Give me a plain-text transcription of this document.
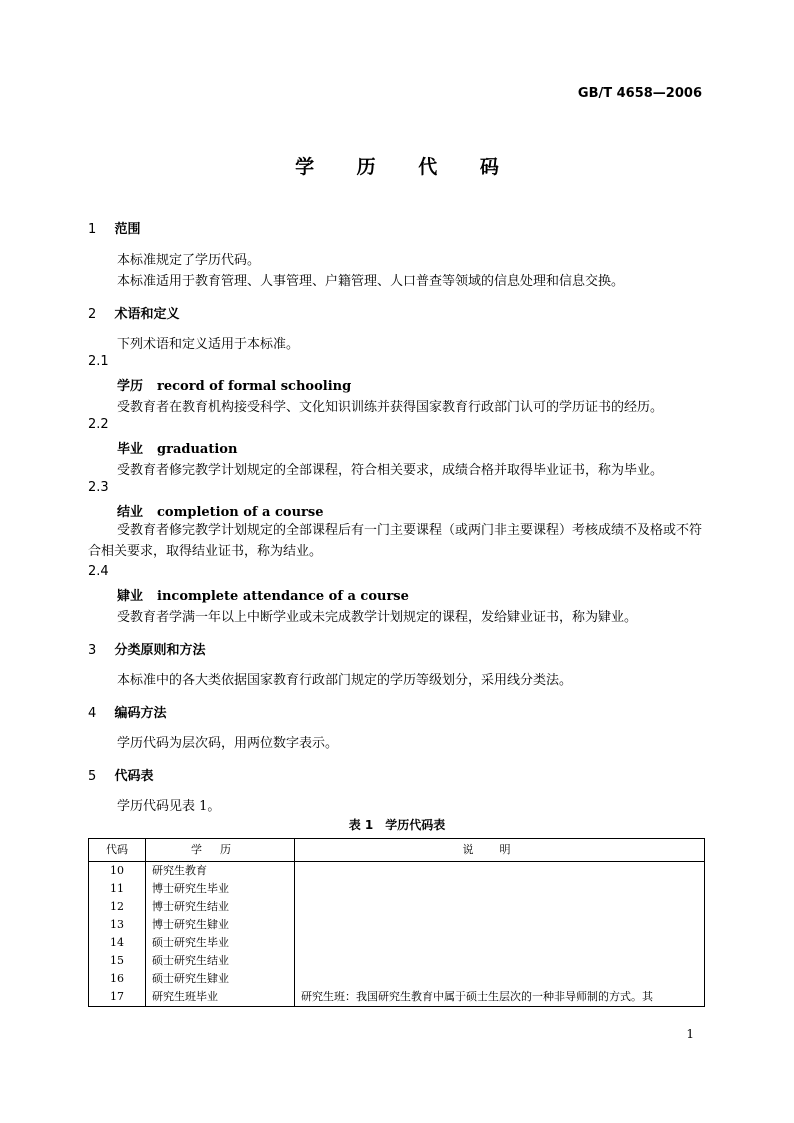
GB/T 4658—2006
学 历 代 码
1 范围
本标准规定了学历代码。
本标准适用于教育管理、人事管理、户籍管理、人口普查等领域的信息处理和信息交换。
2 术语和定义
下列术语和定义适用于本标准。
2.1
学历 record of formal schooling
受教育者在教育机构接受科学、文化知识训练并获得国家教育行政部门认可的学历证书的经历。
2.2
毕业 graduation
受教育者修完教学计划规定的全部课程，符合相关要求，成绩合格并取得毕业证书，称为毕业。
2.3
结业 completion of a course
受教育者修完教学计划规定的全部课程后有一门主要课程（或两门非主要课程）考核成绩不及格或不符合相关要求，取得结业证书，称为结业。
2.4
肄业 incomplete attendance of a course
受教育者学满一年以上中断学业或未完成教学计划规定的课程，发给肄业证书，称为肄业。
3 分类原则和方法
本标准中的各大类依据国家教育行政部门规定的学历等级划分，采用线分类法。
4 编码方法
学历代码为层次码，用两位数字表示。
5 代码表
学历代码见表 1。
表 1　学历代码表
代码	学历	说明
10	研究生教育	
11	博士研究生毕业	
12	博士研究生结业	
13	博士研究生肄业	
14	硕士研究生毕业	
15	硕士研究生结业	
16	硕士研究生肄业	
17	研究生班毕业	研究生班：我国研究生教育中属于硕士生层次的一种非导师制的方式。其
1
